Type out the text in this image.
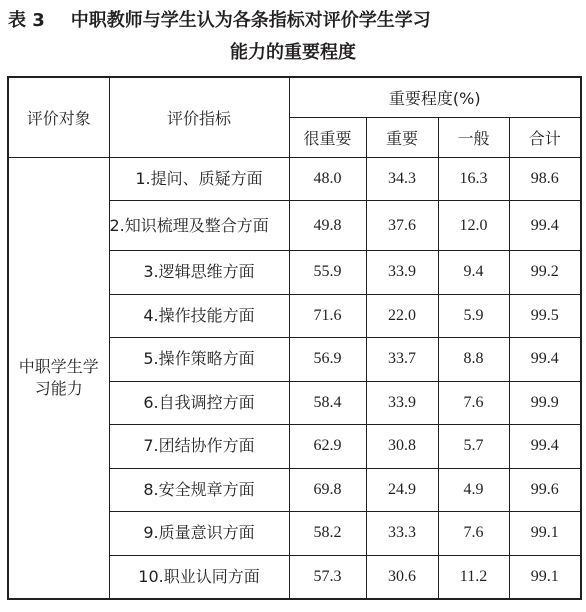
表 3 中职教师与学生认为各条指标对评价学生学习
能力的重要程度
评价对象	评价指标	重要程度(%)			
		很重要	重要	一般	合计
中职学生学习能力	1.提问、质疑方面	48.0	34.3	16.3	98.6
	2.知识梳理及整合方面	49.8	37.6	12.0	99.4
	3.逻辑思维方面	55.9	33.9	9.4	99.2
	4.操作技能方面	71.6	22.0	5.9	99.5
	5.操作策略方面	56.9	33.7	8.8	99.4
	6.自我调控方面	58.4	33.9	7.6	99.9
	7.团结协作方面	62.9	30.8	5.7	99.4
	8.安全规章方面	69.8	24.9	4.9	99.6
	9.质量意识方面	58.2	33.3	7.6	99.1
	10.职业认同方面	57.3	30.6	11.2	99.1
